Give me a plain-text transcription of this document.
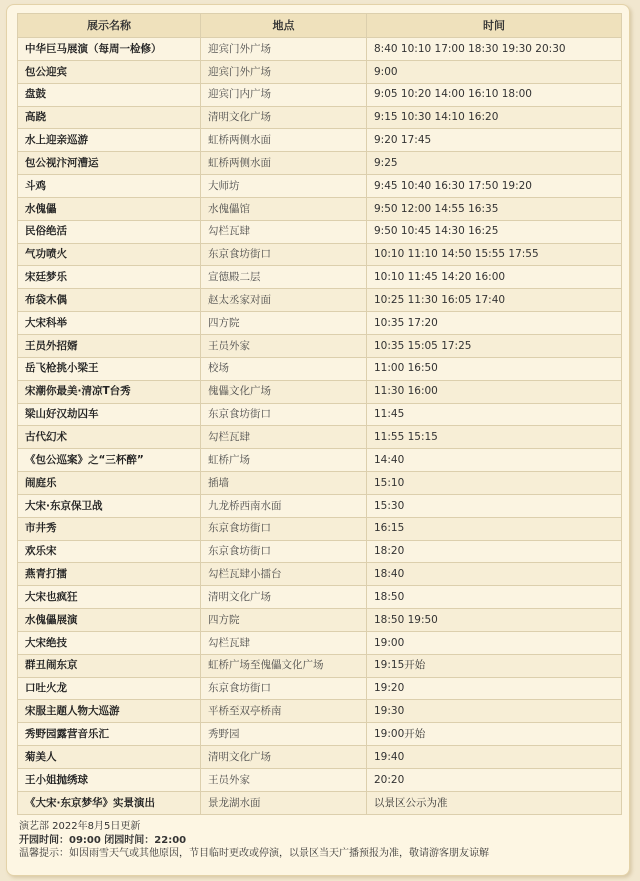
展示名称	地点	时间
中华巨马展演（每周一检修）	迎宾门外广场	8:40 10:10 17:00 18:30 19:30 20:30
包公迎宾	迎宾门外广场	9:00
盘鼓	迎宾门内广场	9:05 10:20 14:00 16:10 18:00
高跷	清明文化广场	9:15 10:30 14:10 16:20
水上迎亲巡游	虹桥两侧水面	9:20 17:45
包公视汴河漕运	虹桥两侧水面	9:25
斗鸡	大师坊	9:45 10:40 16:30 17:50 19:20
水傀儡	水傀儡馆	9:50 12:00 14:55 16:35
民俗绝活	勾栏瓦肆	9:50 10:45 14:30 16:25
气功喷火	东京食坊街口	10:10 11:10 14:50 15:55 17:55
宋廷梦乐	宣德殿二层	10:10 11:45 14:20 16:00
布袋木偶	赵太丞家对面	10:25 11:30 16:05 17:40
大宋科举	四方院	10:35 17:20
王员外招婿	王员外家	10:35 15:05 17:25
岳飞枪挑小梁王	校场	11:00 16:50
宋潮你最美·清凉T台秀	傀儡文化广场	11:30 16:00
梁山好汉劫囚车	东京食坊街口	11:45
古代幻术	勾栏瓦肆	11:55 15:15
《包公巡案》之“三杯醉”	虹桥广场	14:40
闹庭乐	插墙	15:10
大宋·东京保卫战	九龙桥西南水面	15:30
市井秀	东京食坊街口	16:15
欢乐宋	东京食坊街口	18:20
燕青打擂	勾栏瓦肆小擂台	18:40
大宋也疯狂	清明文化广场	18:50
水傀儡展演	四方院	18:50 19:50
大宋绝技	勾栏瓦肆	19:00
群丑闹东京	虹桥广场至傀儡文化广场	19:15开始
口吐火龙	东京食坊街口	19:20
宋服主题人物大巡游	平桥至双亭桥南	19:30
秀野园露营音乐汇	秀野园	19:00开始
菊美人	清明文化广场	19:40
王小姐抛绣球	王员外家	20:20
《大宋·东京梦华》实景演出	景龙湖水面	以景区公示为准
演艺部 2022年8月5日更新
开园时间：09:00 闭园时间：22:00
温馨提示：如因雨雪天气或其他原因，节目临时更改或停演，以景区当天广播预报为准，敬请游客朋友谅解
